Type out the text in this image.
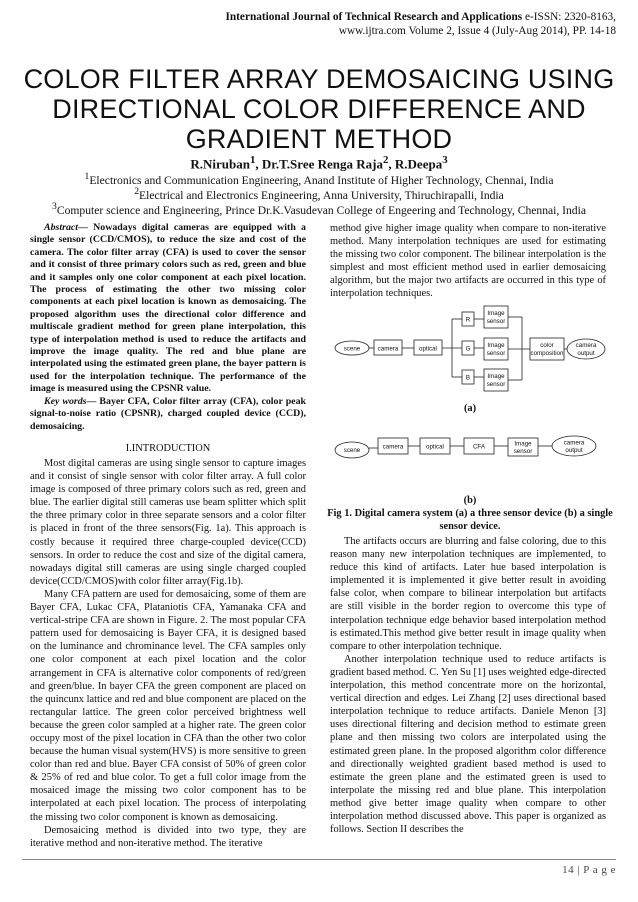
International Journal of Technical Research and Applications e-ISSN: 2320-8163,
www.ijtra.com Volume 2, Issue 4 (July-Aug 2014), PP. 14-18
COLOR FILTER ARRAY DEMOSAICING USING
DIRECTIONAL COLOR DIFFERENCE AND
GRADIENT METHOD
R.Niruban$^1$, Dr.T.Sree Renga Raja$^2$, R.Deepa$^3$
$^1$Electronics and Communication Engineering, Anand Institute of Higher Technology, Chennai, India
$^2$Electrical and Electronics Engineering, Anna University, Thiruchirapalli, India
$^3$Computer science and Engineering, Prince Dr.K.Vasudevan College of Engeering and Technology, Chennai, India

Abstract— Nowadays digital cameras are equipped with a single sensor (CCD/CMOS), to reduce the size and cost of the camera. The color filter array (CFA) is used to cover the sensor and it consist of three primary colors such as red, green and blue and it samples only one color component at each pixel location. The process of estimating the other two missing color components at each pixel location is known as demosaicing. The proposed algorithm uses the directional color difference and multiscale gradient method for green plane interpolation, this type of interpolation method is used to reduce the artifacts and improve the image quality. The red and blue plane are interpolated using the estimated green plane, the bayer pattern is used for the interpolation technique. The performance of the image is measured using the CPSNR value.

Key words— Bayer CFA, Color filter array (CFA), color peak signal-to-noise ratio (CPSNR), charged coupled device (CCD), demosaicing.

I.INTRODUCTION

Most digital cameras are using single sensor to capture images and it consist of single sensor with color filter array. A full color image is composed of three primary colors such as red, green and blue. The earlier digital still cameras use beam splitter which split the three primary color in three separate sensors and a color filter is placed in front of the three sensors(Fig. 1a). This approach is costly because it required three charge-coupled device(CCD) sensors. In order to reduce the cost and size of the digital camera, nowadays digital still cameras are using single charged coupled device(CCD/CMOS)with color filter array(Fig.1b).

Many CFA pattern are used for demosaicing, some of them are Bayer CFA, Lukac CFA, Plataniotis CFA, Yamanaka CFA and vertical-stripe CFA are shown in Figure. 2. The most popular CFA pattern used for demosaicing is Bayer CFA, it is designed based on the luminance and chrominance level. The CFA samples only one color component at each pixel location and the color arrangement in CFA is alternative color components of red/green and green/blue. In bayer CFA the green component are placed on the quincunx lattice and red and blue component are placed on the rectangular lattice. The green color perceived brightness well because the green color sampled at a higher rate. The green color occupy most of the pixel location in CFA than the other two color because the human visual system(HVS) is more sensitive to green color than red and blue. Bayer CFA consist of 50% of green color & 25% of red and blue color. To get a full color image from the mosaiced image the missing two color component has to be interpolated at each pixel location. The process of interpolating the missing two color component is known as demosaicing.

Demosaicing method is divided into two type, they are iterative method and non-iterative method. The iterative

method give higher image quality when compare to non-iterative method. Many interpolation techniques are used for estimating the missing two color component. The bilinear interpolation is the simplest and most efficient method used in earlier demosaicing algorithm, but the major two artifacts are occurred in this type of interpolation techniques.

scene	camera	optical
R
G
B
Image
sensor
Image
sensor
Image
sensor
color
composition
camera
output
(a)
scene	camera	optical	CFA	Image
sensor
camera
output
(b)
Fig 1. Digital camera system (a) a three sensor device (b) a single sensor device.

The artifacts occurs are blurring and false coloring, due to this reason many new interpolation techniques are implemented, to reduce this kind of artifacts. Later hue based interpolation is implemented it is implemented it give better result in avoiding false color, when compare to bilinear interpolation but artifacts are still visible in the border region to overcome this type of interpolation technique edge behavior based interpolation method is estimated.This method give better result in image quality when compare to other interpolation technique.

Another interpolation technique used to reduce artifacts is gradient based method. C. Yen Su [1] uses weighted edge-directed interpolation, this method concentrate more on the horizontal, vertical direction and edges. Lei Zhang [2] uses directional based interpolation technique to reduce artifacts. Daniele Menon [3] uses directional filtering and decision method to estimate green plane and then missing two colors are interpolated using the estimated green plane. In the proposed algorithm color difference and directionally weighted gradient based method is used to estimate the green plane and the estimated green is used to interpolate the missing red and blue plane. This interpolation method give better image quality when compare to other interpolation method discussed above. This paper is organized as follows. Section II describes the

14 | P a g e
